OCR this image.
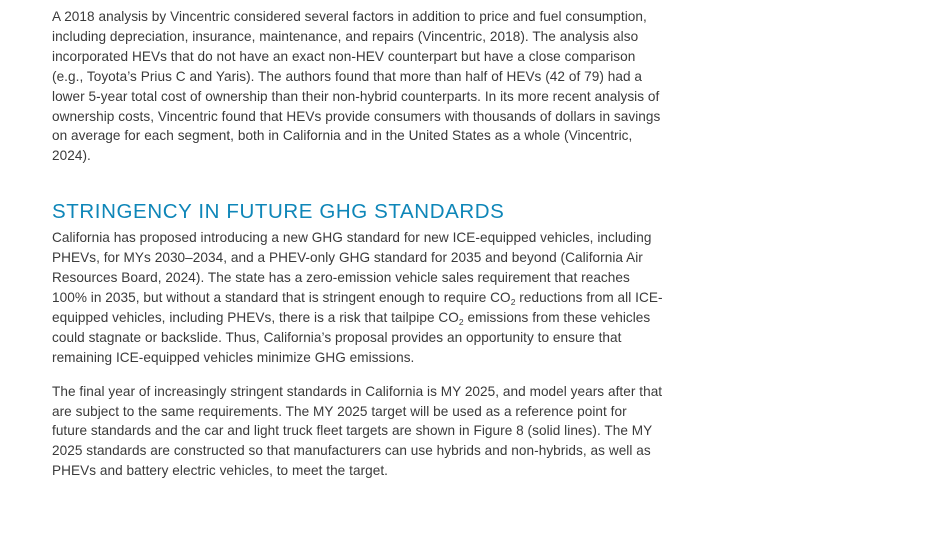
A 2018 analysis by Vincentric considered several factors in addition to price and fuel consumption, including depreciation, insurance, maintenance, and repairs (Vincentric, 2018). The analysis also incorporated HEVs that do not have an exact non-HEV counterpart but have a close comparison (e.g., Toyota’s Prius C and Yaris). The authors found that more than half of HEVs (42 of 79) had a lower 5-year total cost of ownership than their non-hybrid counterparts. In its more recent analysis of ownership costs, Vincentric found that HEVs provide consumers with thousands of dollars in savings on average for each segment, both in California and in the United States as a whole (Vincentric, 2024).

STRINGENCY IN FUTURE GHG STANDARDS

California has proposed introducing a new GHG standard for new ICE-equipped vehicles, including PHEVs, for MYs 2030–2034, and a PHEV-only GHG standard for 2035 and beyond (California Air Resources Board, 2024). The state has a zero-emission vehicle sales requirement that reaches 100% in 2035, but without a standard that is stringent enough to require $CO_2$ reductions from all ICE-equipped vehicles, including PHEVs, there is a risk that tailpipe $CO_2$ emissions from these vehicles could stagnate or backslide. Thus, California’s proposal provides an opportunity to ensure that remaining ICE-equipped vehicles minimize GHG emissions.

The final year of increasingly stringent standards in California is MY 2025, and model years after that are subject to the same requirements. The MY 2025 target will be used as a reference point for future standards and the car and light truck fleet targets are shown in Figure 8 (solid lines). The MY 2025 standards are constructed so that manufacturers can use hybrids and non-hybrids, as well as PHEVs and battery electric vehicles, to meet the target.
